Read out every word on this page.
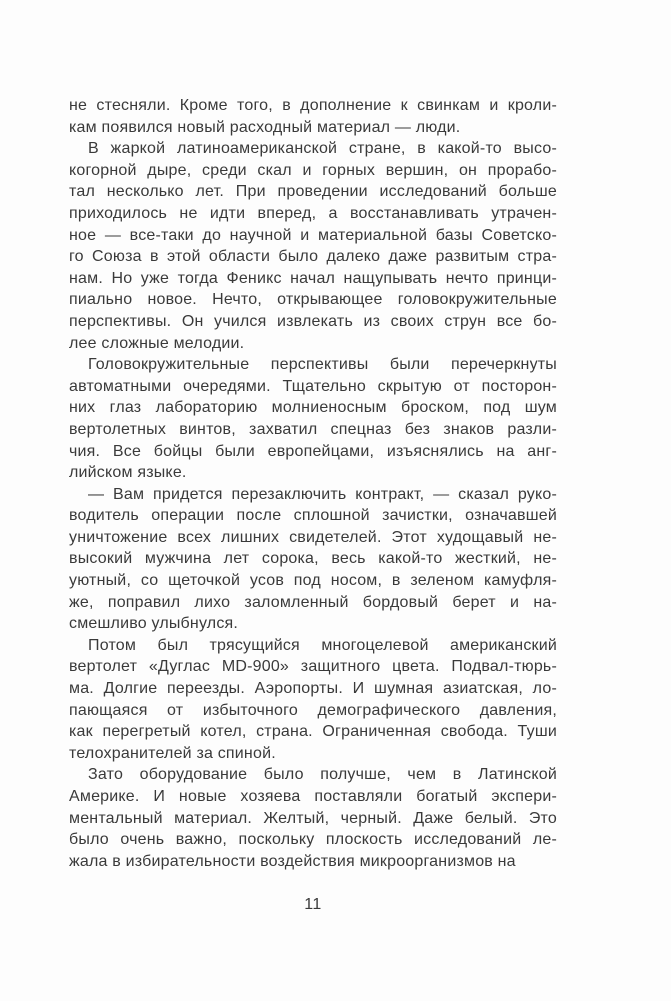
не стесняли. Кроме того, в дополнение к свинкам и кроли-
кам появился новый расходный материал — люди.
В жаркой латиноамериканской стране, в какой-то высо-
когорной дыре, среди скал и горных вершин, он прорабо-
тал несколько лет. При проведении исследований больше
приходилось не идти вперед, а восстанавливать утрачен-
ное — все-таки до научной и материальной базы Советско-
го Союза в этой области было далеко даже развитым стра-
нам. Но уже тогда Феникс начал нащупывать нечто принци-
пиально новое. Нечто, открывающее головокружительные
перспективы. Он учился извлекать из своих струн все бо-
лее сложные мелодии.
Головокружительные перспективы были перечеркнуты
автоматными очередями. Тщательно скрытую от посторон-
них глаз лабораторию молниеносным броском, под шум
вертолетных винтов, захватил спецназ без знаков разли-
чия. Все бойцы были европейцами, изъяснялись на анг-
лийском языке.
— Вам придется перезаключить контракт, — сказал руко-
водитель операции после сплошной зачистки, означавшей
уничтожение всех лишних свидетелей. Этот худощавый не-
высокий мужчина лет сорока, весь какой-то жесткий, не-
уютный, со щеточкой усов под носом, в зеленом камуфля-
же, поправил лихо заломленный бордовый берет и на-
смешливо улыбнулся.
Потом был трясущийся многоцелевой американский
вертолет «Дуглас MD-900» защитного цвета. Подвал-тюрь-
ма. Долгие переезды. Аэропорты. И шумная азиатская, ло-
пающаяся от избыточного демографического давления,
как перегретый котел, страна. Ограниченная свобода. Туши
телохранителей за спиной.
Зато оборудование было получше, чем в Латинской
Америке. И новые хозяева поставляли богатый экспери-
ментальный материал. Желтый, черный. Даже белый. Это
было очень важно, поскольку плоскость исследований ле-
жала в избирательности воздействия микроорганизмов на
11
